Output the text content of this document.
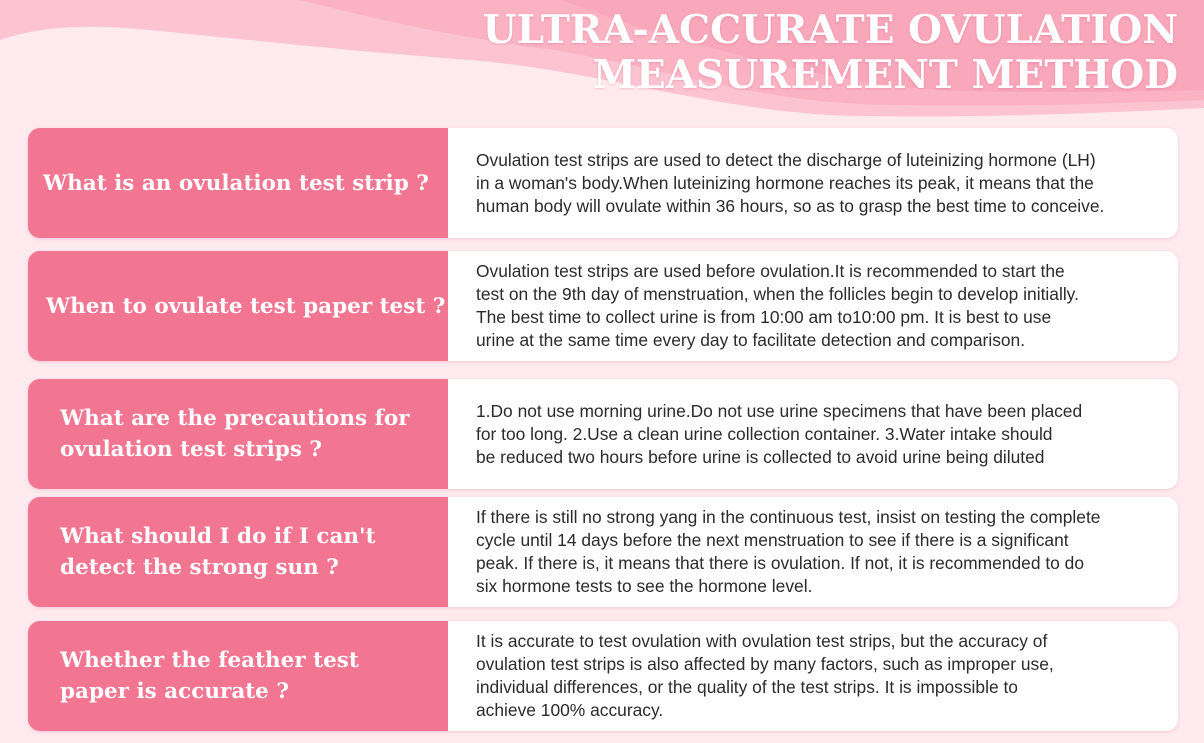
ULTRA-ACCURATE OVULATION
MEASUREMENT METHOD
What is an ovulation test strip ?
Ovulation test strips are used to detect the discharge of luteinizing hormone (LH)
in a woman's body.When luteinizing hormone reaches its peak, it means that the
human body will ovulate within 36 hours, so as to grasp the best time to conceive.
When to ovulate test paper test ?
Ovulation test strips are used before ovulation.It is recommended to start the
test on the 9th day of menstruation, when the follicles begin to develop initially.
The best time to collect urine is from 10:00 am to10:00 pm. It is best to use
urine at the same time every day to facilitate detection and comparison.
What are the precautions for
ovulation test strips ?
1.Do not use morning urine.Do not use urine specimens that have been placed
for too long. 2.Use a clean urine collection container. 3.Water intake should
be reduced two hours before urine is collected to avoid urine being diluted
What should I do if I can't
detect the strong sun ?
If there is still no strong yang in the continuous test, insist on testing the complete
cycle until 14 days before the next menstruation to see if there is a significant
peak. If there is, it means that there is ovulation. If not, it is recommended to do
six hormone tests to see the hormone level.
Whether the feather test
paper is accurate ?
It is accurate to test ovulation with ovulation test strips, but the accuracy of
ovulation test strips is also affected by many factors, such as improper use,
individual differences, or the quality of the test strips. It is impossible to
achieve 100% accuracy.
